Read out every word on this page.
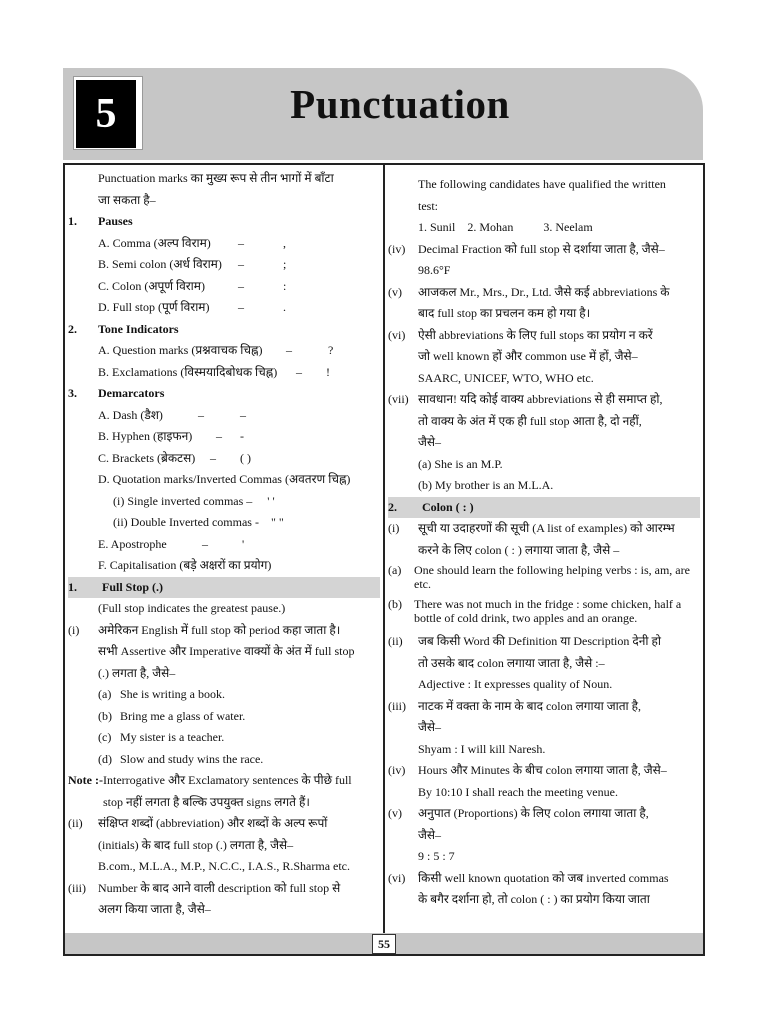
5	Punctuation
55
Punctuation marks का मुख्य रूप से तीन भागों में बाँटा
जा सकता है–
1.	Pauses
A. Comma (अल्प विराम) –	,
B. Semi colon (अर्ध विराम) –	;
C. Colon (अपूर्ण विराम)	–	:
D. Full stop (पूर्ण विराम) –	.
2.	Tone Indicators
A. Question marks (प्रश्नवाचक चिह्न) –	?
B. Exclamations (विस्मयादिबोधक चिह्न) – !
3.	Demarcators
A. Dash (डैश)	–	–
B. Hyphen (हाइफन) – -
C. Brackets (ब्रेकटस) – ( )
D. Quotation marks/Inverted Commas (अवतरण चिह्न)
(i) Single inverted commas –     ' '
(ii) Double Inverted commas -    " "
E. Apostrophe	–	'
F. Capitalisation (बड़े अक्षरों का प्रयोग)
1.	Full Stop (.)
(Full stop indicates the greatest pause.)
(i)	अमेरिकन English में full stop को period कहा जाता है।
सभी Assertive और Imperative वाक्यों के अंत में full stop
(.) लगता है, जैसे–
(a) She is writing a book.
(b) Bring me a glass of water.
(c) My sister is a teacher.
(d) Slow and study wins the race.
Note :- Interrogative और Exclamatory sentences के पीछे full
stop नहीं लगता है बल्कि उपयुक्त signs लगते हैं।
(ii)	संक्षिप्त शब्दों (abbreviation) और शब्दों के अल्प रूपों
(initials) के बाद full stop (.) लगता है, जैसे–
B.com., M.L.A., M.P., N.C.C., I.A.S., R.Sharma etc.
(iii)	Number के बाद आने वाली description को full stop से
अलग किया जाता है, जैसे–
The following candidates have qualified the written
test:
1. Sunil    2. Mohan          3. Neelam
(iv)	Decimal Fraction को full stop से दर्शाया जाता है, जैसे–
98.6°F
(v)	आजकल Mr., Mrs., Dr., Ltd. जैसे कई abbreviations के
बाद full stop का प्रचलन कम हो गया है।
(vi)	ऐसी abbreviations के लिए full stops का प्रयोग न करें
जो well known हों और common use में हों, जैसे–
SAARC, UNICEF, WTO, WHO etc.
(vii) सावधान! यदि कोई वाक्य abbreviations से ही समाप्त हो,
तो वाक्य के अंत में एक ही full stop आता है, दो नहीं,
जैसे–
(a) She is an M.P.
(b) My brother is an M.L.A.
2.	Colon ( : )
(i)	सूची या उदाहरणों की सूची (A list of examples) को आरम्भ
करने के लिए colon ( : ) लगाया जाता है, जैसे –
(a)	One should learn the following helping verbs : is, am, are etc.
(b)	There was not much in the fridge : some chicken, half a bottle of cold drink, two apples and an orange.
(ii)	जब किसी Word की Definition या Description देनी हो
तो उसके बाद colon लगाया जाता है, जैसे :–
Adjective : It expresses quality of Noun.
(iii)	नाटक में वक्ता के नाम के बाद colon लगाया जाता है,
जैसे–
Shyam : I will kill Naresh.
(iv)	Hours और Minutes के बीच colon लगाया जाता है, जैसे–
By 10:10 I shall reach the meeting venue.
(v)	अनुपात (Proportions) के लिए colon लगाया जाता है,
जैसे–
9 : 5 : 7
(vi)	किसी well known quotation को जब inverted commas
के बगैर दर्शाना हो, तो colon ( : ) का प्रयोग किया जाता
